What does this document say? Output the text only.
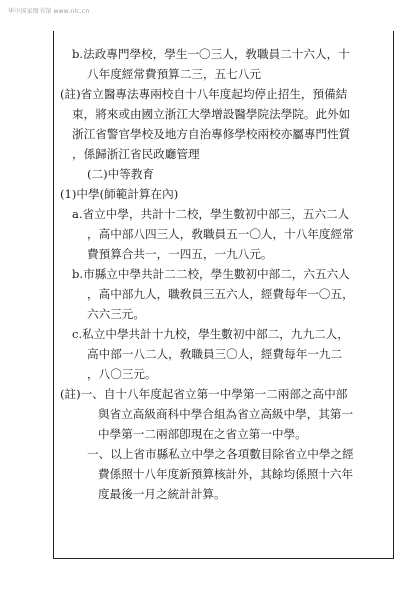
华中国家图书馆 www.nlc.cn
b.法政專門學校，學生一〇三人，敎職員二十六人，十
八年度經常費預算二三，五七八元
(註)省立醫專法專兩校自十八年度起均停止招生，預備結
束，將來或由國立浙江大學增設醫學院法學院。此外如
浙江省警官學校及地方自治專修學校兩校亦屬專門性質
，係歸浙江省民政廳管理
(二)中等教育
(1)中學(師範計算在內)
a.省立中學，共計十二校，學生數初中部三，五六二人
，高中部八四三人，敎職員五一〇人，十八年度經常
費預算合共一，一四五，一九八元。
b.市縣立中學共計二二校，學生數初中部二，六五六人
，高中部九人，職敎員三五六人，經費每年一〇五，
六六三元。
c.私立中學共計十九校，學生數初中部二，九九二人，
高中部一八二人，敎職員三〇人，經費每年一九二
，八〇三元。
(註)一、自十八年度起省立第一中學第一二兩部之高中部
與省立高級商科中學合組為省立高級中學，其第一
中學第一二兩部卽現在之省立第一中學。
一、以上省市縣私立中學之各項數目除省立中學之經
費係照十八年度新預算核計外，其餘均係照十六年
度最後一月之統計計算。
